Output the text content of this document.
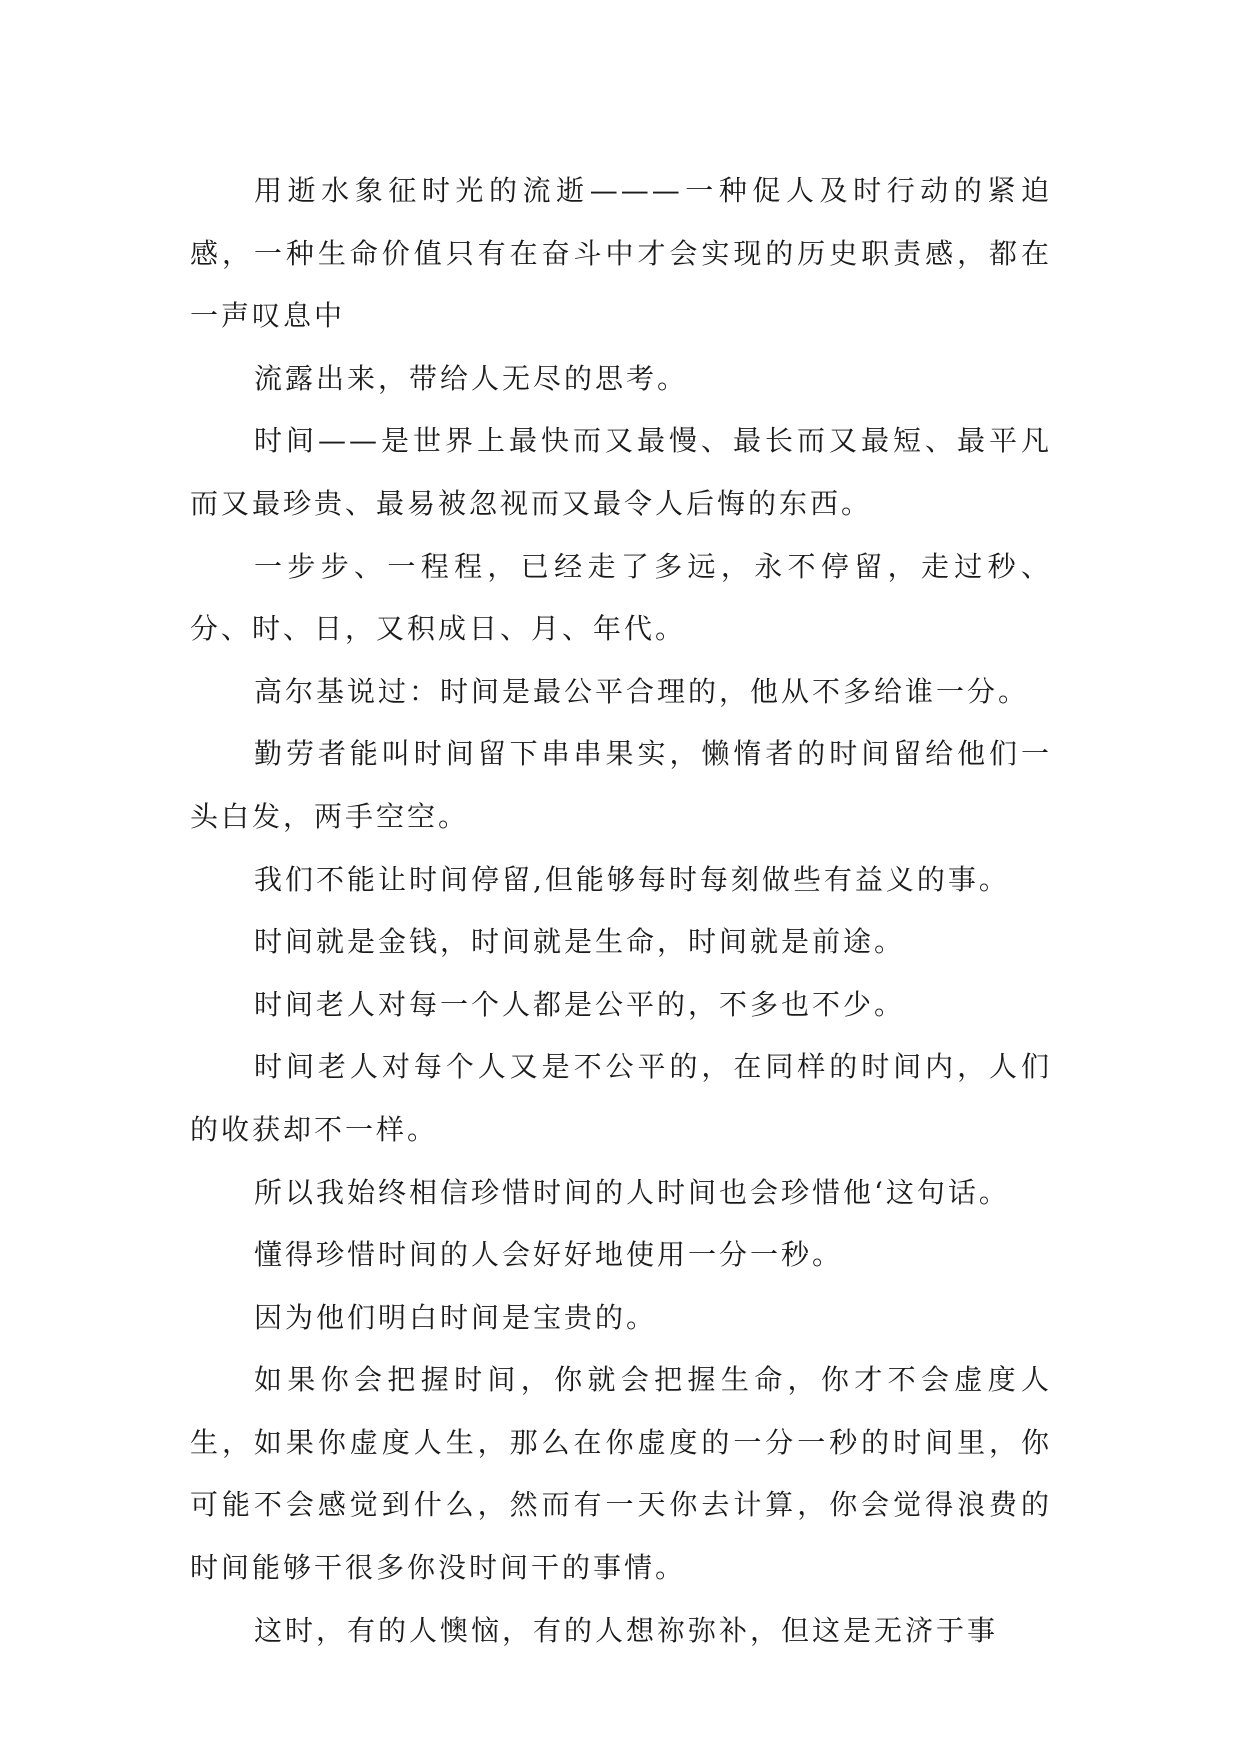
用逝水象征时光的流逝———一种促人及时行动的紧迫感，一种生命价值只有在奋斗中才会实现的历史职责感，都在一声叹息中

流露出来，带给人无尽的思考。

时间——是世界上最快而又最慢、最长而又最短、最平凡而又最珍贵、最易被忽视而又最令人后悔的东西。

一步步、一程程，已经走了多远，永不停留，走过秒、分、时、日，又积成日、月、年代。

高尔基说过：时间是最公平合理的，他从不多给谁一分。

勤劳者能叫时间留下串串果实，懒惰者的时间留给他们一头白发，两手空空。

我们不能让时间停留,但能够每时每刻做些有益义的事。

时间就是金钱，时间就是生命，时间就是前途。

时间老人对每一个人都是公平的，不多也不少。

时间老人对每个人又是不公平的，在同样的时间内，人们的收获却不一样。

所以我始终相信珍惜时间的人时间也会珍惜他‘这句话。

懂得珍惜时间的人会好好地使用一分一秒。

因为他们明白时间是宝贵的。

如果你会把握时间，你就会把握生命，你才不会虚度人生，如果你虚度人生，那么在你虚度的一分一秒的时间里，你可能不会感觉到什么，然而有一天你去计算，你会觉得浪费的时间能够干很多你没时间干的事情。

这时，有的人懊恼，有的人想祢弥补，但这是无济于事
